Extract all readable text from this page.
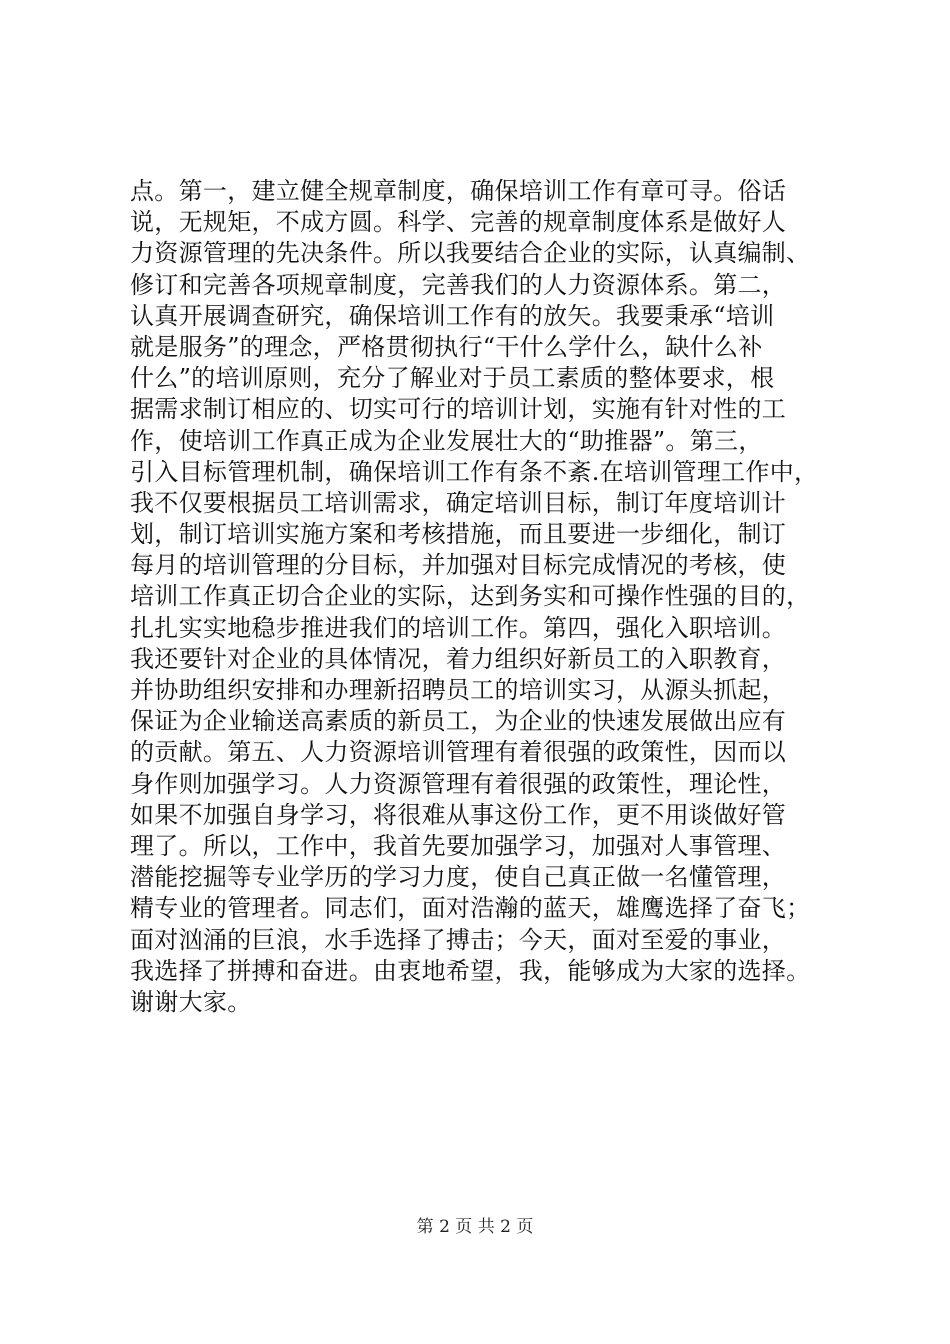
点。第一，建立健全规章制度，确保培训工作有章可寻。俗话
说，无规矩，不成方圆。科学、完善的规章制度体系是做好人
力资源管理的先决条件。所以我要结合企业的实际，认真编制、
修订和完善各项规章制度，完善我们的人力资源体系。第二，
认真开展调查研究，确保培训工作有的放矢。我要秉承“培训
就是服务”的理念，严格贯彻执行“干什么学什么，缺什么补
什么”的培训原则，充分了解业对于员工素质的整体要求，根
据需求制订相应的、切实可行的培训计划，实施有针对性的工
作，使培训工作真正成为企业发展壮大的“助推器”。第三，
引入目标管理机制，确保培训工作有条不紊.在培训管理工作中，
我不仅要根据员工培训需求，确定培训目标，制订年度培训计
划，制订培训实施方案和考核措施，而且要进一步细化，制订
每月的培训管理的分目标，并加强对目标完成情况的考核，使
培训工作真正切合企业的实际，达到务实和可操作性强的目的，
扎扎实实地稳步推进我们的培训工作。第四，强化入职培训。
我还要针对企业的具体情况，着力组织好新员工的入职教育，
并协助组织安排和办理新招聘员工的培训实习，从源头抓起，
保证为企业输送高素质的新员工，为企业的快速发展做出应有
的贡献。第五、人力资源培训管理有着很强的政策性，因而以
身作则加强学习。人力资源管理有着很强的政策性，理论性，
如果不加强自身学习，将很难从事这份工作，更不用谈做好管
理了。所以，工作中，我首先要加强学习，加强对人事管理、
潜能挖掘等专业学历的学习力度，使自己真正做一名懂管理，
精专业的管理者。同志们，面对浩瀚的蓝天，雄鹰选择了奋飞；
面对汹涌的巨浪，水手选择了搏击；今天，面对至爱的事业，
我选择了拼搏和奋进。由衷地希望，我，能够成为大家的选择。
谢谢大家。
第 2 页 共 2 页
